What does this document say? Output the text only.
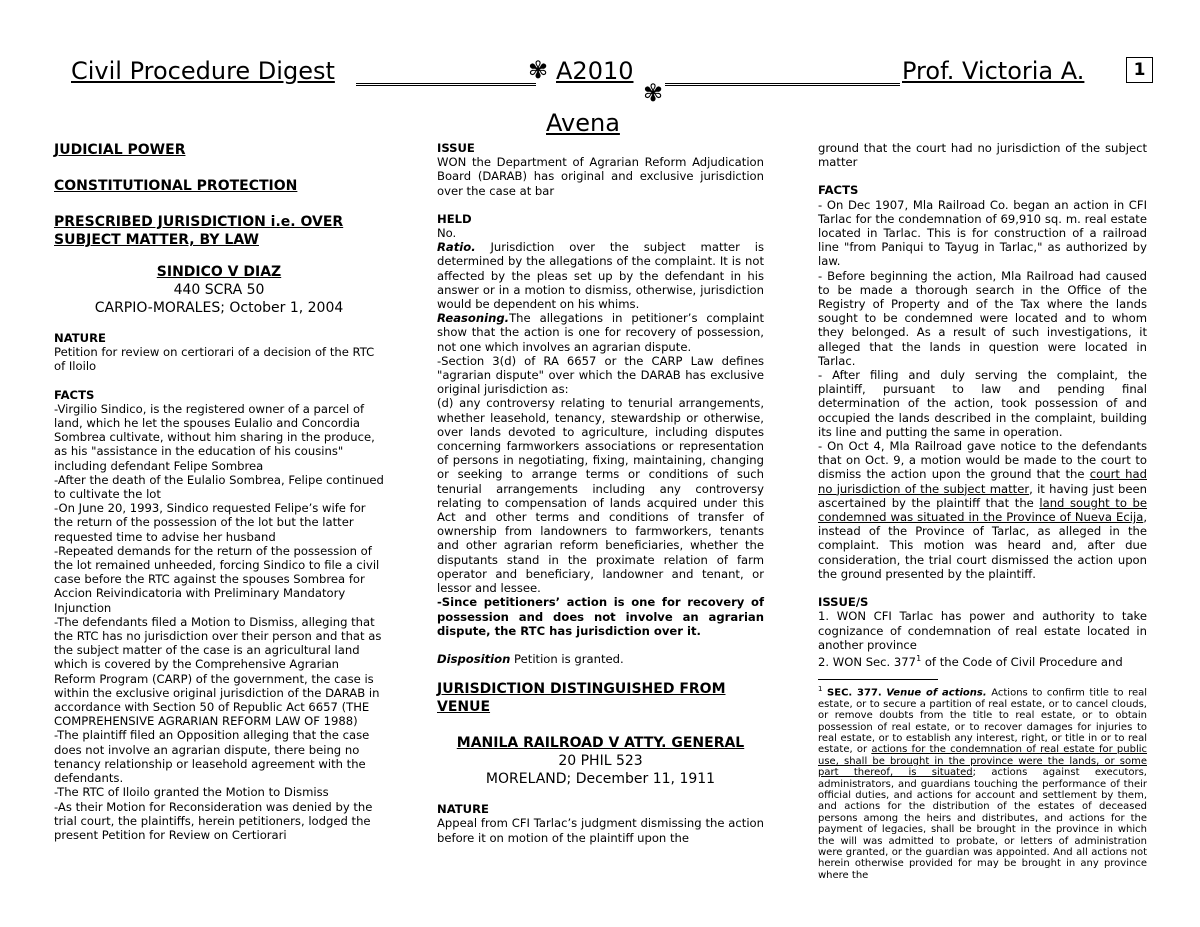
Civil Procedure Digest	✾ A2010
✾
Prof. Victoria A.
Avena
1

JUDICIAL POWER

CONSTITUTIONAL PROTECTION

PRESCRIBED JURISDICTION i.e. OVER SUBJECT MATTER, BY LAW

SINDICO V DIAZ
440 SCRA 50
CARPIO-MORALES; October 1, 2004

NATURE

Petition for review on certiorari of a decision of the RTC of Iloilo

FACTS

-Virgilio Sindico, is the registered owner of a parcel of land, which he let the spouses Eulalio and Concordia Sombrea cultivate, without him sharing in the produce, as his "assistance in the education of his cousins" including defendant Felipe Sombrea

-After the death of the Eulalio Sombrea, Felipe continued to cultivate the lot

-On June 20, 1993, Sindico requested Felipe’s wife for the return of the possession of the lot but the latter requested time to advise her husband

-Repeated demands for the return of the possession of the lot remained unheeded, forcing Sindico to file a civil case before the RTC against the spouses Sombrea for Accion Reivindicatoria with Preliminary Mandatory Injunction

-The defendants filed a Motion to Dismiss, alleging that the RTC has no jurisdiction over their person and that as the subject matter of the case is an agricultural land which is covered by the Comprehensive Agrarian Reform Program (CARP) of the government, the case is within the exclusive original jurisdiction of the DARAB in accordance with Section 50 of Republic Act 6657 (THE COMPREHENSIVE AGRARIAN REFORM LAW OF 1988)

-The plaintiff filed an Opposition alleging that the case does not involve an agrarian dispute, there being no tenancy relationship or leasehold agreement with the defendants.

-The RTC of Iloilo granted the Motion to Dismiss

-As their Motion for Reconsideration was denied by the trial court, the plaintiffs, herein petitioners, lodged the present Petition for Review on Certiorari

ISSUE

WON the Department of Agrarian Reform Adjudication Board (DARAB) has original and exclusive jurisdiction over the case at bar

HELD

No.

Ratio. Jurisdiction over the subject matter is determined by the allegations of the complaint. It is not affected by the pleas set up by the defendant in his answer or in a motion to dismiss, otherwise, jurisdiction would be dependent on his whims.

Reasoning.The allegations in petitioner’s complaint show that the action is one for recovery of possession, not one which involves an agrarian dispute.

-Section 3(d) of RA 6657 or the CARP Law defines "agrarian dispute" over which the DARAB has exclusive original jurisdiction as:

(d) any controversy relating to tenurial arrangements, whether leasehold, tenancy, stewardship or otherwise, over lands devoted to agriculture, including disputes concerning farmworkers associations or representation of persons in negotiating, fixing, maintaining, changing or seeking to arrange terms or conditions of such tenurial arrangements including any controversy relating to compensation of lands acquired under this Act and other terms and conditions of transfer of ownership from landowners to farmworkers, tenants and other agrarian reform beneficiaries, whether the disputants stand in the proximate relation of farm operator and beneficiary, landowner and tenant, or lessor and lessee.

-Since petitioners’ action is one for recovery of possession and does not involve an agrarian dispute, the RTC has jurisdiction over it.

Disposition Petition is granted.

JURISDICTION DISTINGUISHED FROM VENUE

MANILA RAILROAD V ATTY. GENERAL
20 PHIL 523
MORELAND; December 11, 1911

NATURE

Appeal from CFI Tarlac’s judgment dismissing the action before it on motion of the plaintiff upon the

ground that the court had no jurisdiction of the subject matter

FACTS

- On Dec 1907, Mla Railroad Co. began an action in CFI Tarlac for the condemnation of 69,910 sq. m. real estate located in Tarlac. This is for construction of a railroad line "from Paniqui to Tayug in Tarlac," as authorized by law.

- Before beginning the action, Mla Railroad had caused to be made a thorough search in the Office of the Registry of Property and of the Tax where the lands sought to be condemned were located and to whom they belonged. As a result of such investigations, it alleged that the lands in question were located in Tarlac.

- After filing and duly serving the complaint, the plaintiff, pursuant to law and pending final determination of the action, took possession of and occupied the lands described in the complaint, building its line and putting the same in operation.

- On Oct 4, Mla Railroad gave notice to the defendants that on Oct. 9, a motion would be made to the court to dismiss the action upon the ground that the court had no jurisdiction of the subject matter, it having just been ascertained by the plaintiff that the land sought to be condemned was situated in the Province of Nueva Ecija, instead of the Province of Tarlac, as alleged in the complaint. This motion was heard and, after due consideration, the trial court dismissed the action upon the ground presented by the plaintiff.

ISSUE/S

1. WON CFI Tarlac has power and authority to take cognizance of condemnation of real estate located in another province

2. WON Sec. $377^1$ of the Code of Civil Procedure and

$^1$ SEC. 377. Venue of actions. Actions to confirm title to real estate, or to secure a partition of real estate, or to cancel clouds, or remove doubts from the title to real estate, or to obtain possession of real estate, or to recover damages for injuries to real estate, or to establish any interest, right, or title in or to real estate, or actions for the condemnation of real estate for public use, shall be brought in the province were the lands, or some part thereof, is situated; actions against executors, administrators, and guardians touching the performance of their official duties, and actions for account and settlement by them, and actions for the distribution of the estates of deceased persons among the heirs and distributes, and actions for the payment of legacies, shall be brought in the province in which the will was admitted to probate, or letters of administration were granted, or the guardian was appointed. And all actions not herein otherwise provided for may be brought in any province where the
